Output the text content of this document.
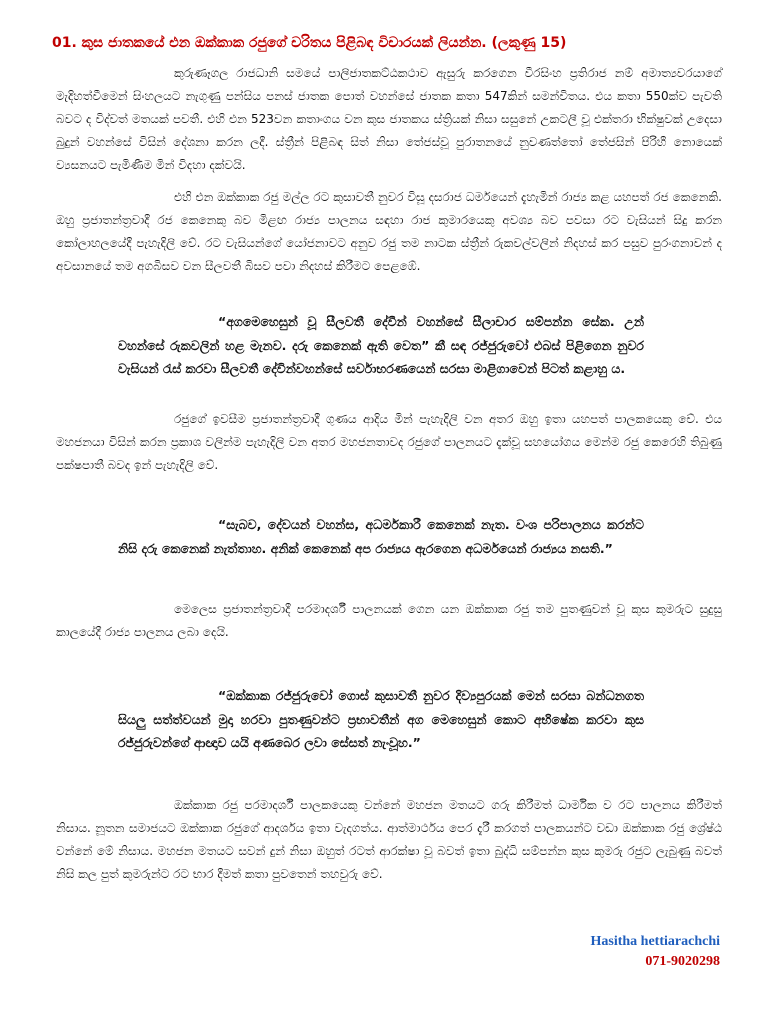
01. කුස ජාතකයේ එන ඔක්කාක රජුගේ චරිතය පිළිබඳ විචාරයක් ලියන්න. (ලකුණු 15)
කුරුණෑගල රාජධානි සමයේ පාලිජාතකට්ඨකථාව ඇසුරු කරගෙන වීරසිංහ ප්‍රතිරාජ නම් අමාත්‍යවරයාගේ මැදිහත්වීමෙන් සිංහලයට නැගුණු පන්සිය පනස් ජාතක පොත් වහන්සේ ජාතක කතා 547කින් සමන්විතය. එය කතා 550ක්ව පැවති බවට ද විද්වත් මතයක් පවතී. එහි එන 523වන කතාංගය වන කුස ජාතකය ස්ත්‍රියක් නිසා සසුනේ උකටලී වූ එක්තරා භික්ෂුවක් උදෙසා බුදුන් වහන්සේ විසින් දේශනා කරන ලදී. ස්ත්‍රීන් පිළිබඳ සිත් නිසා තේජස්වූ පුරාතනයේ නුවණත්තෝ තේජසින් පිරිහී නොයෙක් ව්‍යසනයට පැමිණීම මින් විදහා දක්වයි.
එහි එන ඔක්කාක රජු මල්ල රට කුසාවතී නුවර විසූ දසරාජ ධර්මයෙන් දැහැමින් රාජ්‍ය කළ යහපත් රජ කෙනෙකි. ඔහු ප්‍රජාතන්ත්‍රවාදී රජ කෙනෙකු බව මිළඟ රාජ්‍ය පාලනය සඳහා රාජ කුමාරයෙකු අවශ්‍ය බව පවසා රට වැසියන් සිදු කරන කෝලාහලයේදී පැහැදිලි වේ. රට වැසියන්ගේ යෝජනාවට අනුව රජු තම නාටක ස්ත්‍රීන් රුකවල්වලින් නිදහස් කර පසුව පුරංගනාවන් ද අවසානයේ තම අගබිසව වන සීලවතී බිසව පවා නිදහස් කිරීමට පෙළඹේ.
“අගමෙහෙසුන් වූ සීලවතී දේවීන් වහන්සේ සීලාචාර සම්පන්න සේක. උන් වහන්සේ රුකවලින් හළ මැනව. දරු කෙනෙක් ඇති වෙත” කී සඳ රජ්ජුරුවෝ එබස් පිළිගෙන නුවර වැසියන් රැස් කරවා සීලවතී දේවින්වහන්සේ සර්වාභරණයෙන් සරසා මාළිගාවෙන් පිටත් කළාහු ය.
රජුගේ ඉවසීම ප්‍රජාතන්ත්‍රවාදී ගුණය ආදිය මින් පැහැදිලි වන අතර ඔහු ඉතා යහපත් පාලකයෙකු වේ. එය මහජනයා විසින් කරන ප්‍රකාශ වලින්ම පැහැදිලි වන අතර මහජනතාවද රජුගේ පාලනයට දැක්වූ සහයෝගය මෙන්ම රජු කෙරෙහි තිබුණු පක්ෂපාතී බවද ඉන් පැහැදිලි වේ.
“සැබව, දේවයන් වහන්ස, අධර්මකාරී කෙනෙක් නැත. වංශ පරිපාලනය කරන්ට නිසි දරු කෙනෙක් නැත්තාහ. අනික් කෙනෙක් අප රාජ්‍යය ඇරගෙන අධර්මයෙන් රාජ්‍යය නසති.”
මෙලෙස ප්‍රජාතන්ත්‍රවාදී පරමාදර්ශී පාලනයක් ගෙන යන ඔක්කාක රජු තම පුතණුවන් වූ කුස කුමරුට සුදුසු කාලයේදී රාජ්‍ය පාලනය ලබා දෙයි.
“ඔක්කාක රජ්ජුරුවෝ ගොස් කුසාවතී නුවර දිව්‍යපුරයක් මෙන් සරසා බන්ධනගත සියලු සත්ත්වයන් මුදා හරවා පුතණුවන්ට ප්‍රභාවතීන් අග මෙහෙසුන් කොට අභිෂේක කරවා කුස රජ්ජුරුවන්ගේ ආඥාව යයි අණබෙර ලවා සේසත් නැංවූහ.”
ඔක්කාක රජු පරමාදර්ශී පාලකයෙකු වන්නේ මහජන මතයට ගරු කිරීමත් ධාර්මික ව රට පාලනය කිරීමත් නිසාය. නූතන සමාජයට ඔක්කාක රජුගේ ආදර්ශය ඉතා වැදගත්ය. ආත්මාර්ථය පෙර දැරී කරගත් පාලකයන්ට වඩා ඔක්කාක රජු ශ්‍රේෂ්ඨ වන්නේ මේ නිසාය. මහජන මතයට සවන් දුන් නිසා ඔහුත් රටත් ආරක්ෂා වූ බවත් ඉතා බුද්ධි සම්පන්න කුස කුමරු රජුට ලැබුණු බවත් නිසි කල පුත් කුමරුන්ට රට භාර දීමත් කතා පුවතෙන් තහවුරු වේ.
Hasitha hettiarachchi
071-9020298
